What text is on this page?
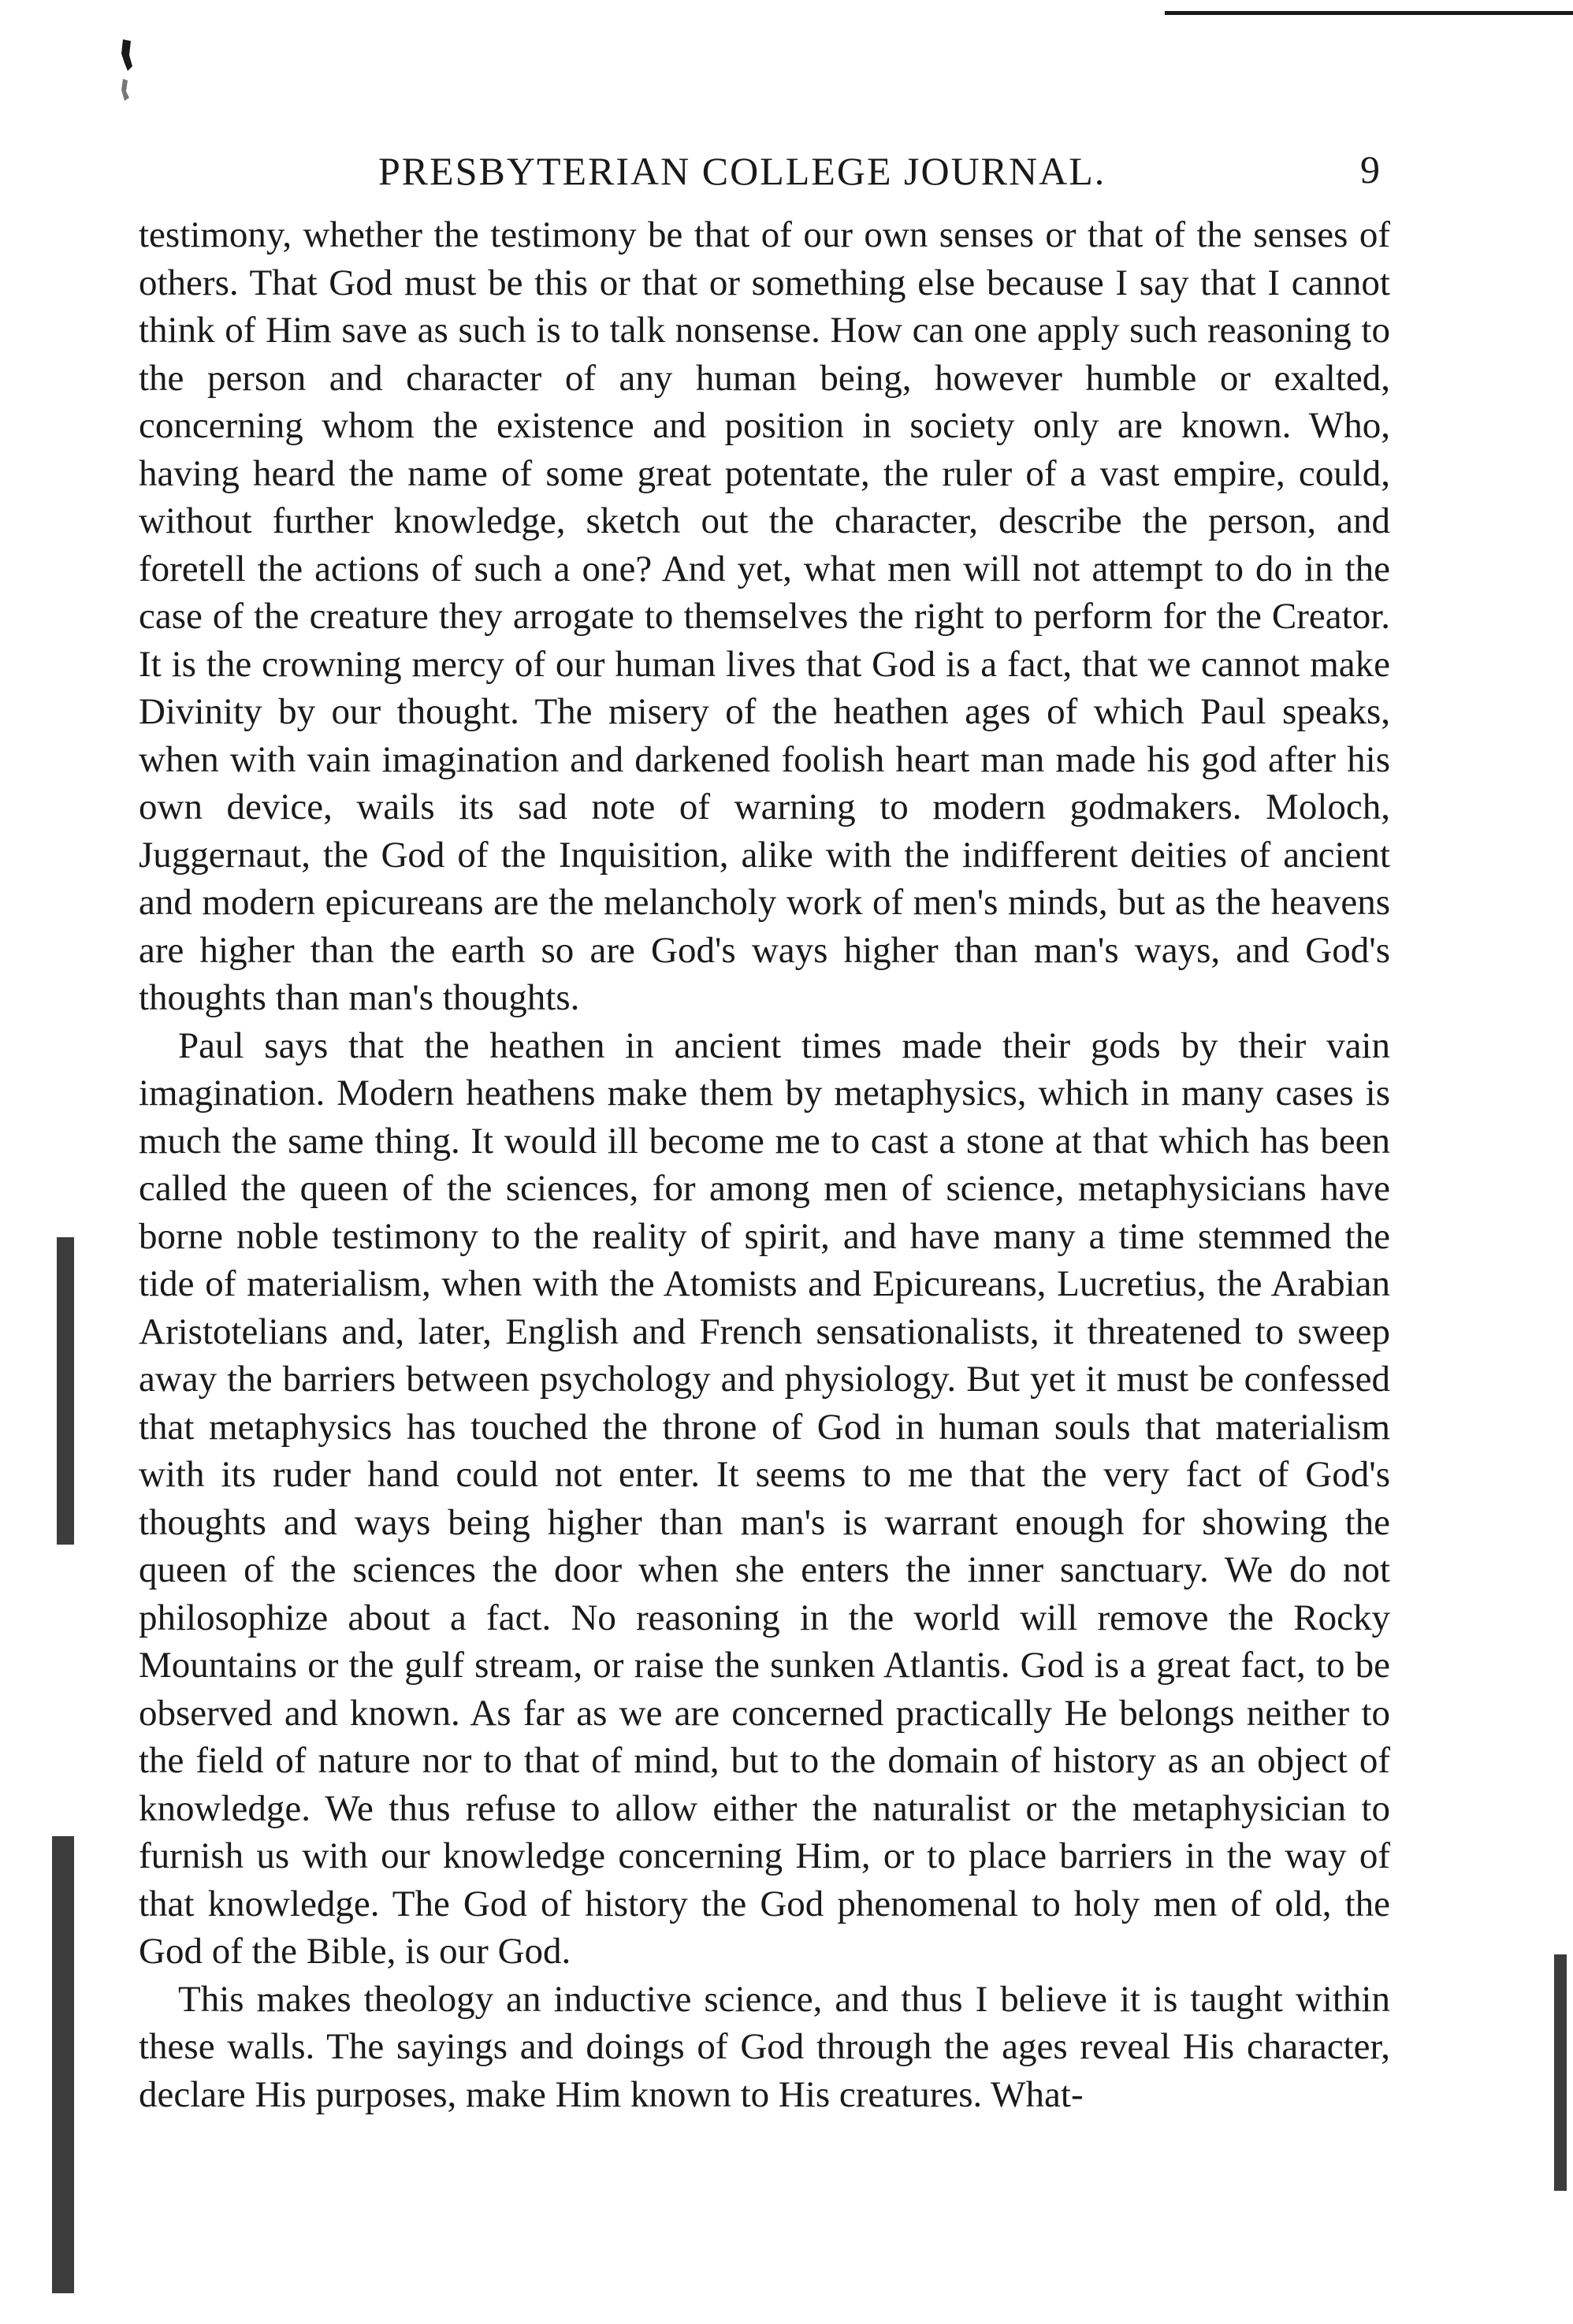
PRESBYTERIAN COLLEGE JOURNAL.	9

testimony, whether the testimony be that of our own senses or that of the senses of others. That God must be this or that or something else because I say that I cannot think of Him save as such is to talk nonsense. How can one apply such reasoning to the person and character of any human being, however humble or exalted, concerning whom the existence and position in society only are known. Who, having heard the name of some great potentate, the ruler of a vast empire, could, without further knowledge, sketch out the character, describe the person, and foretell the actions of such a one? And yet, what men will not attempt to do in the case of the creature they arrogate to themselves the right to perform for the Creator. It is the crowning mercy of our human lives that God is a fact, that we cannot make Divinity by our thought. The misery of the heathen ages of which Paul speaks, when with vain imagination and darkened foolish heart man made his god after his own device, wails its sad note of warning to modern godmakers. Moloch, Juggernaut, the God of the Inquisition, alike with the indifferent deities of ancient and modern epicureans are the melancholy work of men's minds, but as the heavens are higher than the earth so are God's ways higher than man's ways, and God's thoughts than man's thoughts.

Paul says that the heathen in ancient times made their gods by their vain imagination. Modern heathens make them by metaphysics, which in many cases is much the same thing. It would ill become me to cast a stone at that which has been called the queen of the sciences, for among men of science, metaphysicians have borne noble testimony to the reality of spirit, and have many a time stemmed the tide of materialism, when with the Atomists and Epicureans, Lucretius, the Arabian Aristotelians and, later, English and French sensationalists, it threatened to sweep away the barriers between psychology and physiology. But yet it must be confessed that metaphysics has touched the throne of God in human souls that materialism with its ruder hand could not enter. It seems to me that the very fact of God's thoughts and ways being higher than man's is warrant enough for showing the queen of the sciences the door when she enters the inner sanctuary. We do not philosophize about a fact. No reasoning in the world will remove the Rocky Mountains or the gulf stream, or raise the sunken Atlantis. God is a great fact, to be observed and known. As far as we are concerned practically He belongs neither to the field of nature nor to that of mind, but to the domain of history as an object of knowledge. We thus refuse to allow either the naturalist or the metaphysician to furnish us with our knowledge concerning Him, or to place barriers in the way of that knowledge. The God of history the God phenomenal to holy men of old, the God of the Bible, is our God.

This makes theology an inductive science, and thus I believe it is taught within these walls. The sayings and doings of God through the ages reveal His character, declare His purposes, make Him known to His creatures. What-
